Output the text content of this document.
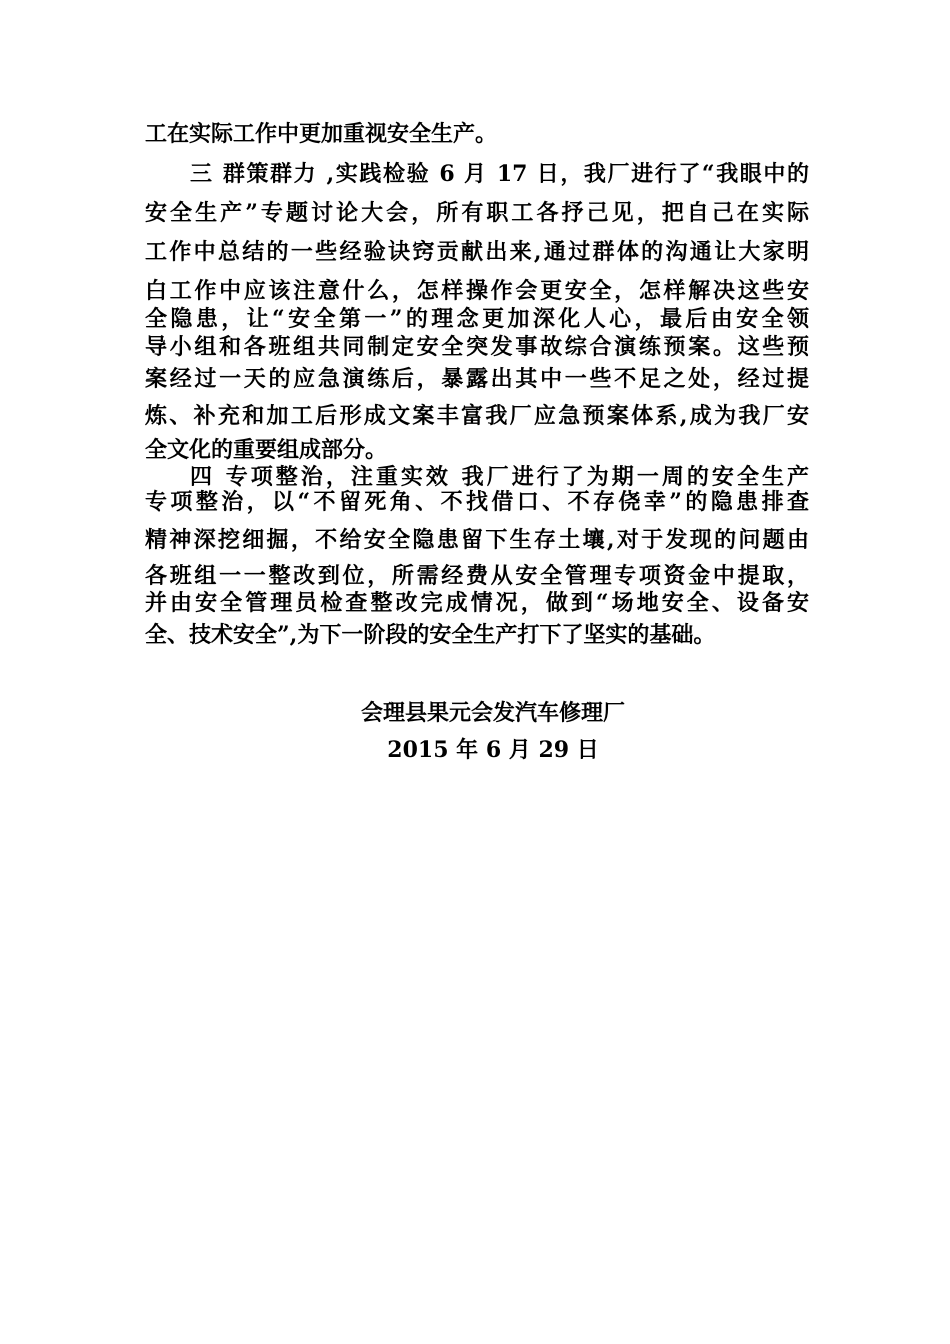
工在实际工作中更加重视安全生产。
三 群策群力 ,实践检验 6 月 17 日，我厂进行了“我眼中的
安全生产”专题讨论大会，所有职工各抒己见，把自己在实际
工作中总结的一些经验诀窍贡献出来,通过群体的沟通让大家明
白工作中应该注意什么，怎样操作会更安全，怎样解决这些安
全隐患，让“安全第一”的理念更加深化人心，最后由安全领
导小组和各班组共同制定安全突发事故综合演练预案。这些预
案经过一天的应急演练后，暴露出其中一些不足之处，经过提
炼、补充和加工后形成文案丰富我厂应急预案体系,成为我厂安
全文化的重要组成部分。
四 专项整治，注重实效 我厂进行了为期一周的安全生产
专项整治，以“不留死角、不找借口、不存侥幸”的隐患排查
精神深挖细掘，不给安全隐患留下生存土壤,对于发现的问题由
各班组一一整改到位，所需经费从安全管理专项资金中提取，
并由安全管理员检查整改完成情况，做到“场地安全、设备安
全、技术安全”,为下一阶段的安全生产打下了坚实的基础。
会理县果元会发汽车修理厂
2015 年 6 月 29 日
